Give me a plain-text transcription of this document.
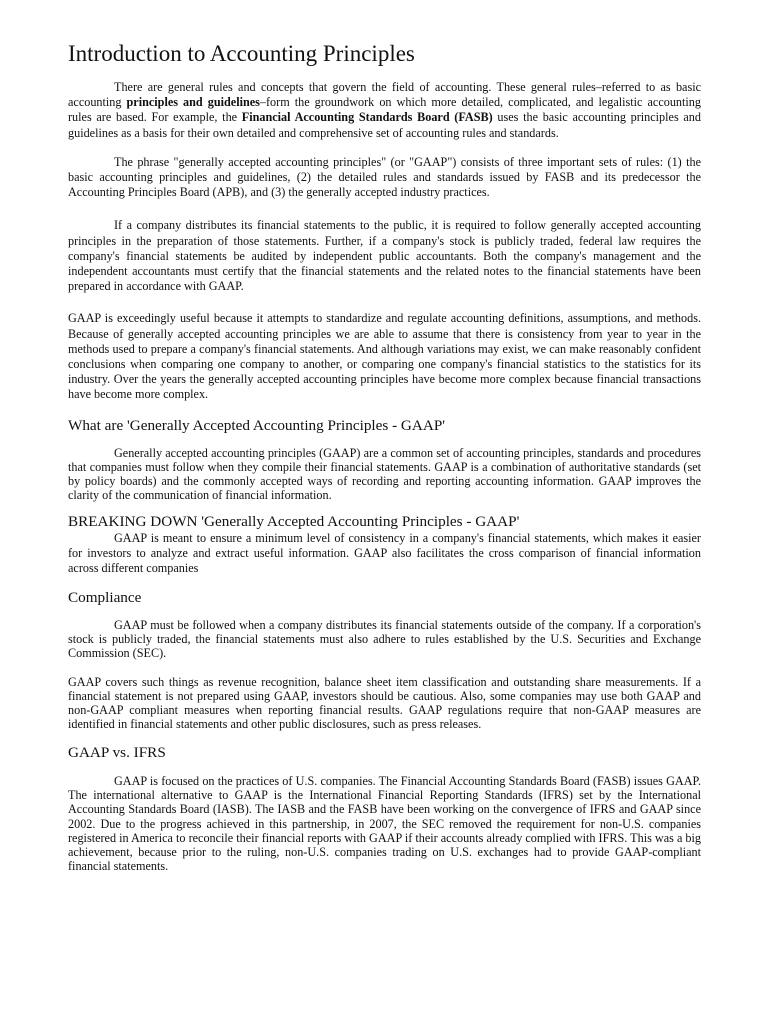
Introduction to Accounting Principles

There are general rules and concepts that govern the field of accounting. These general rules–referred to as basic accounting principles and guidelines–form the groundwork on which more detailed, complicated, and legalistic accounting rules are based. For example, the Financial Accounting Standards Board (FASB) uses the basic accounting principles and guidelines as a basis for their own detailed and comprehensive set of accounting rules and standards.

The phrase "generally accepted accounting principles" (or "GAAP") consists of three important sets of rules: (1) the basic accounting principles and guidelines, (2) the detailed rules and standards issued by FASB and its predecessor the Accounting Principles Board (APB), and (3) the generally accepted industry practices.

If a company distributes its financial statements to the public, it is required to follow generally accepted accounting principles in the preparation of those statements. Further, if a company's stock is publicly traded, federal law requires the company's financial statements be audited by independent public accountants. Both the company's management and the independent accountants must certify that the financial statements and the related notes to the financial statements have been prepared in accordance with GAAP.

GAAP is exceedingly useful because it attempts to standardize and regulate accounting definitions, assumptions, and methods. Because of generally accepted accounting principles we are able to assume that there is consistency from year to year in the methods used to prepare a company's financial statements. And although variations may exist, we can make reasonably confident conclusions when comparing one company to another, or comparing one company's financial statistics to the statistics for its industry. Over the years the generally accepted accounting principles have become more complex because financial transactions have become more complex.

What are 'Generally Accepted Accounting Principles - GAAP'

Generally accepted accounting principles (GAAP) are a common set of accounting principles, standards and procedures that companies must follow when they compile their financial statements. GAAP is a combination of authoritative standards (set by policy boards) and the commonly accepted ways of recording and reporting accounting information. GAAP improves the clarity of the communication of financial information.

BREAKING DOWN 'Generally Accepted Accounting Principles - GAAP'

GAAP is meant to ensure a minimum level of consistency in a company's financial statements, which makes it easier for investors to analyze and extract useful information. GAAP also facilitates the cross comparison of financial information across different companies

Compliance

GAAP must be followed when a company distributes its financial statements outside of the company. If a corporation's stock is publicly traded, the financial statements must also adhere to rules established by the U.S. Securities and Exchange Commission (SEC).

GAAP covers such things as revenue recognition, balance sheet item classification and outstanding share measurements. If a financial statement is not prepared using GAAP, investors should be cautious. Also, some companies may use both GAAP and non-GAAP compliant measures when reporting financial results. GAAP regulations require that non-GAAP measures are identified in financial statements and other public disclosures, such as press releases.

GAAP vs. IFRS

GAAP is focused on the practices of U.S. companies. The Financial Accounting Standards Board (FASB) issues GAAP. The international alternative to GAAP is the International Financial Reporting Standards (IFRS) set by the International Accounting Standards Board (IASB). The IASB and the FASB have been working on the convergence of IFRS and GAAP since 2002. Due to the progress achieved in this partnership, in 2007, the SEC removed the requirement for non-U.S. companies registered in America to reconcile their financial reports with GAAP if their accounts already complied with IFRS. This was a big achievement, because prior to the ruling, non-U.S. companies trading on U.S. exchanges had to provide GAAP-compliant financial statements.
